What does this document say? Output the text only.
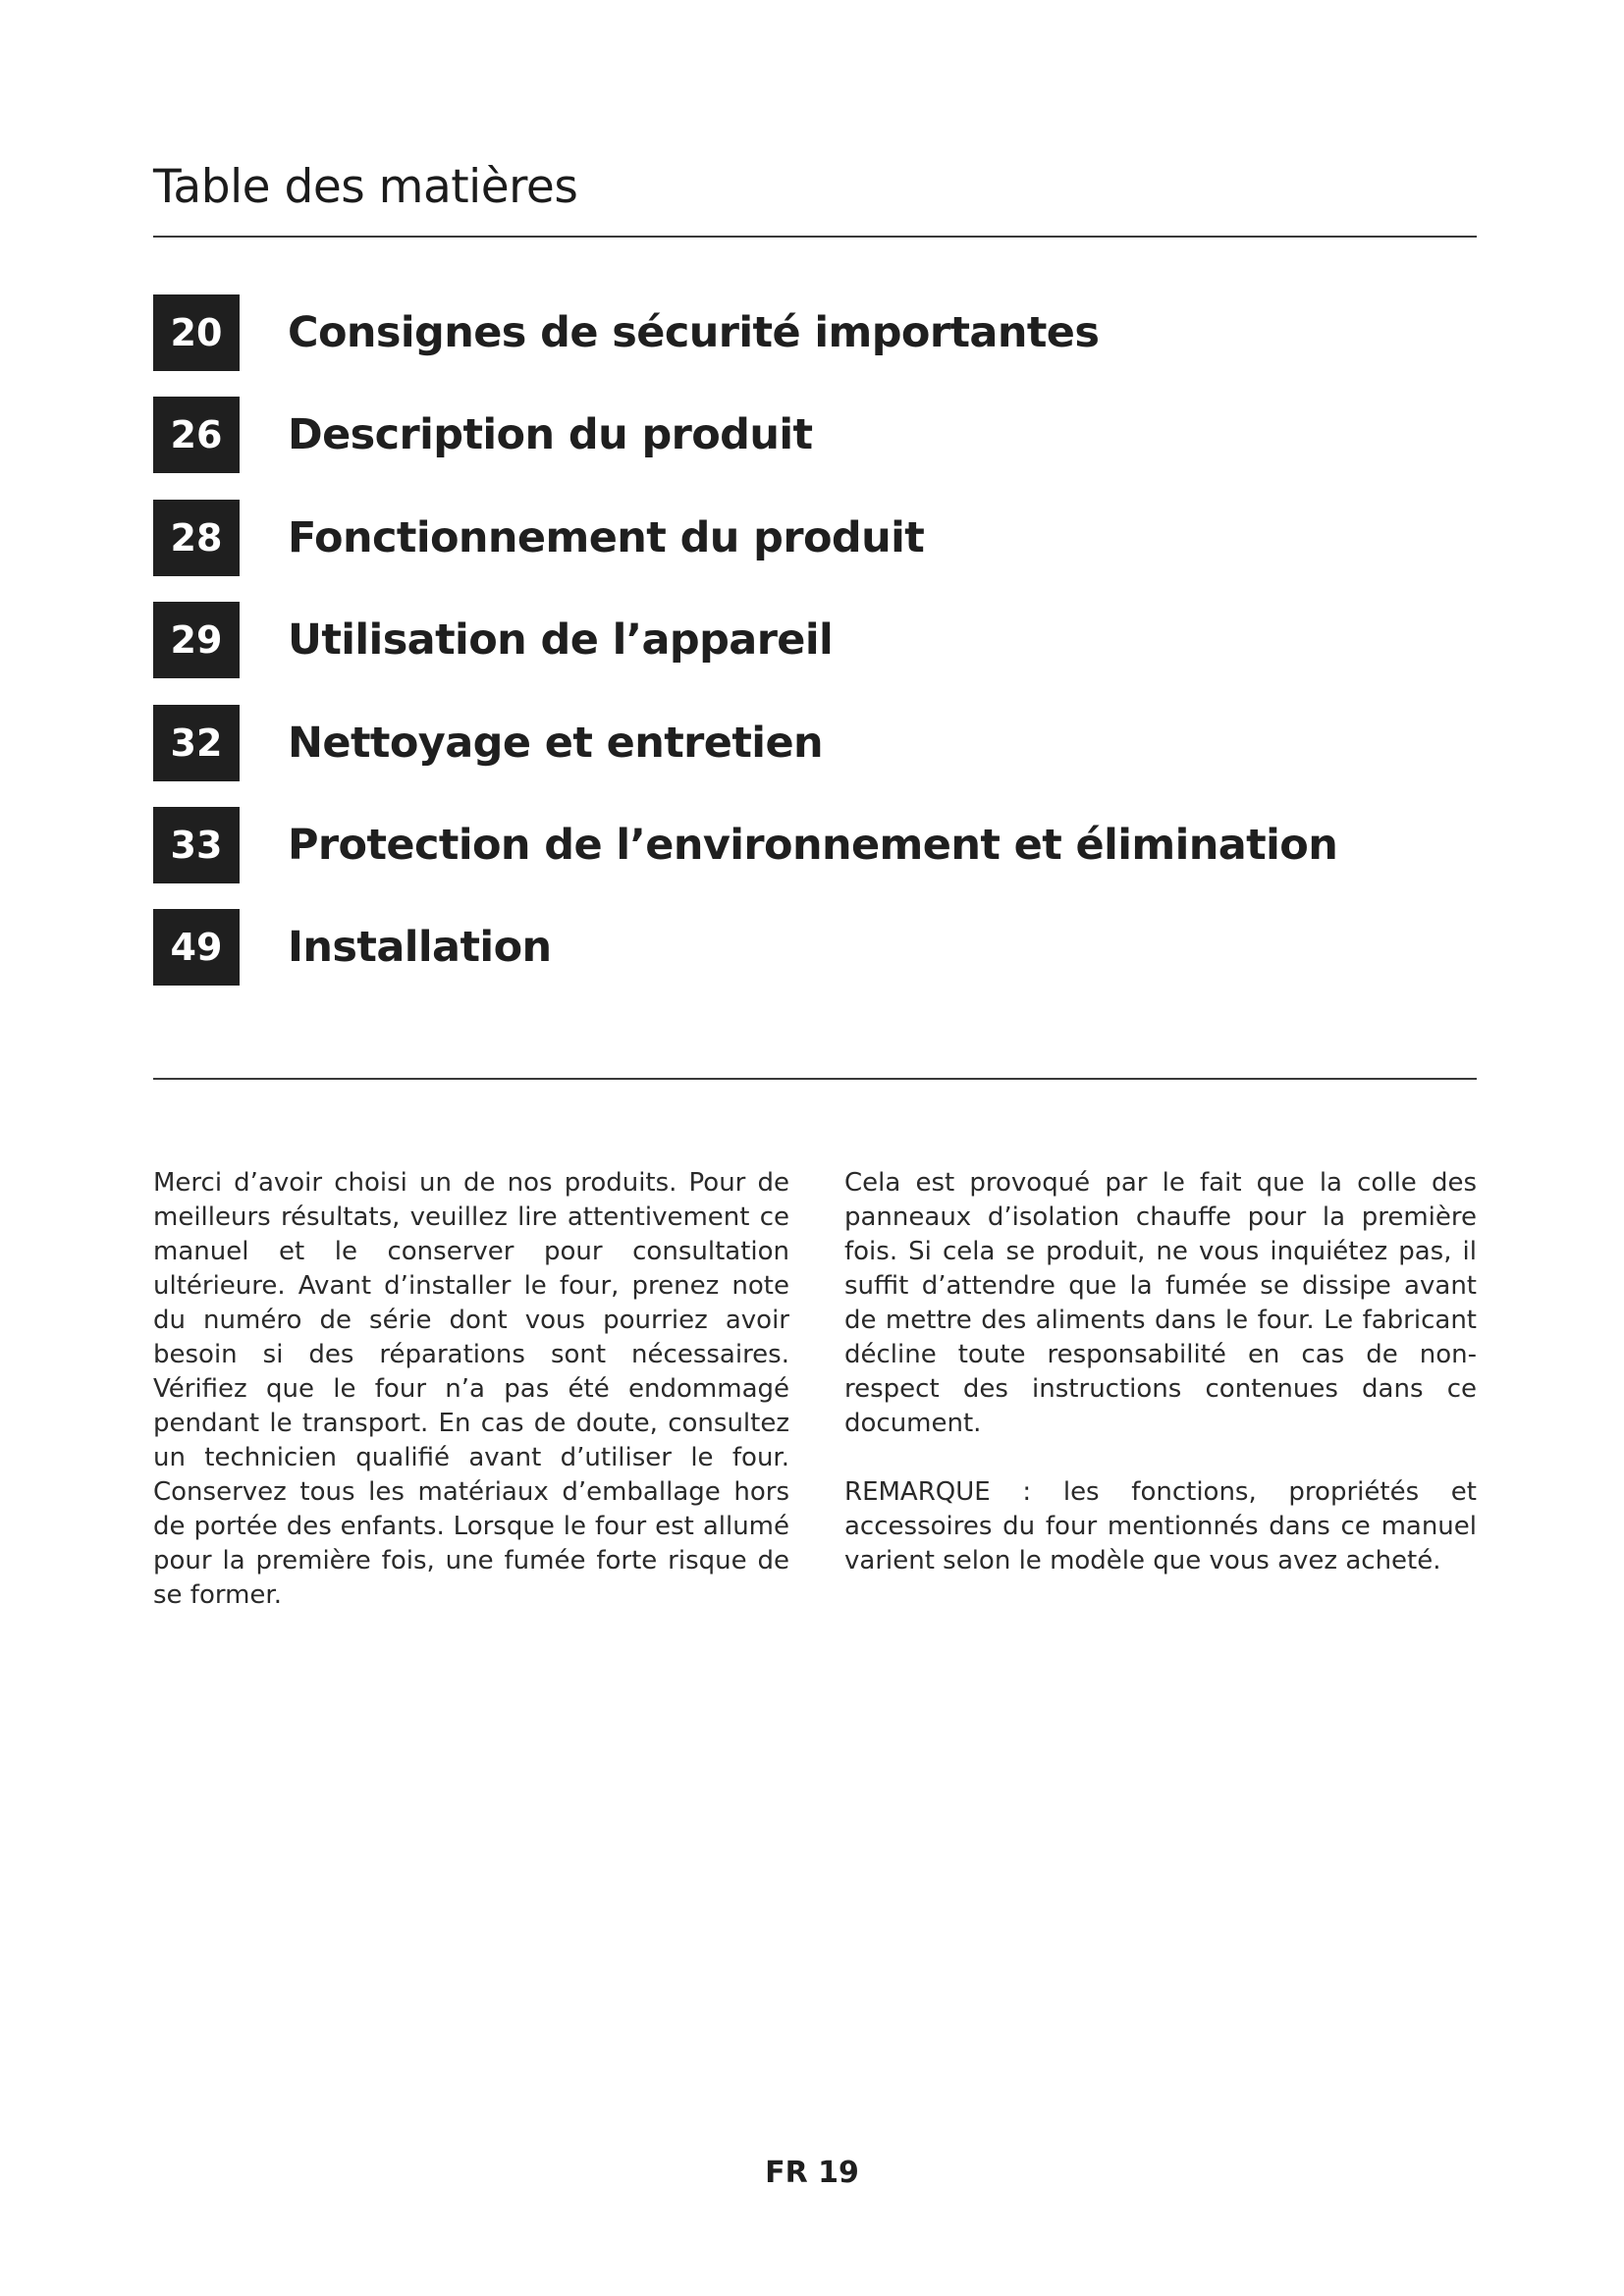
Table des matières
20	Consignes de sécurité importantes
26	Description du produit
28	Fonctionnement du produit
29	Utilisation de l’appareil
32	Nettoyage et entretien
33	Protection de l’environnement et élimination
49	Installation

Merci d’avoir choisi un de nos produits. Pour de meilleurs résultats, veuillez lire attentivement ce manuel et le conserver pour consultation ultérieure. Avant d’installer le four, prenez note du numéro de série dont vous pourriez avoir besoin si des réparations sont nécessaires. Vérifiez que le four n’a pas été endommagé pendant le transport. En cas de doute, consultez un technicien qualifié avant d’utiliser le four. Conservez tous les matériaux d’emballage hors de portée des enfants. Lorsque le four est allumé pour la première fois, une fumée forte risque de se former.

Cela est provoqué par le fait que la colle des panneaux d’isolation chauffe pour la première fois. Si cela se produit, ne vous inquiétez pas, il suffit d’attendre que la fumée se dissipe avant de mettre des aliments dans le four. Le fabricant décline toute responsabilité en cas de non-respect des instructions contenues dans ce document.

REMARQUE : les fonctions, propriétés et accessoires du four mentionnés dans ce manuel varient selon le modèle que vous avez acheté.

FR 19
